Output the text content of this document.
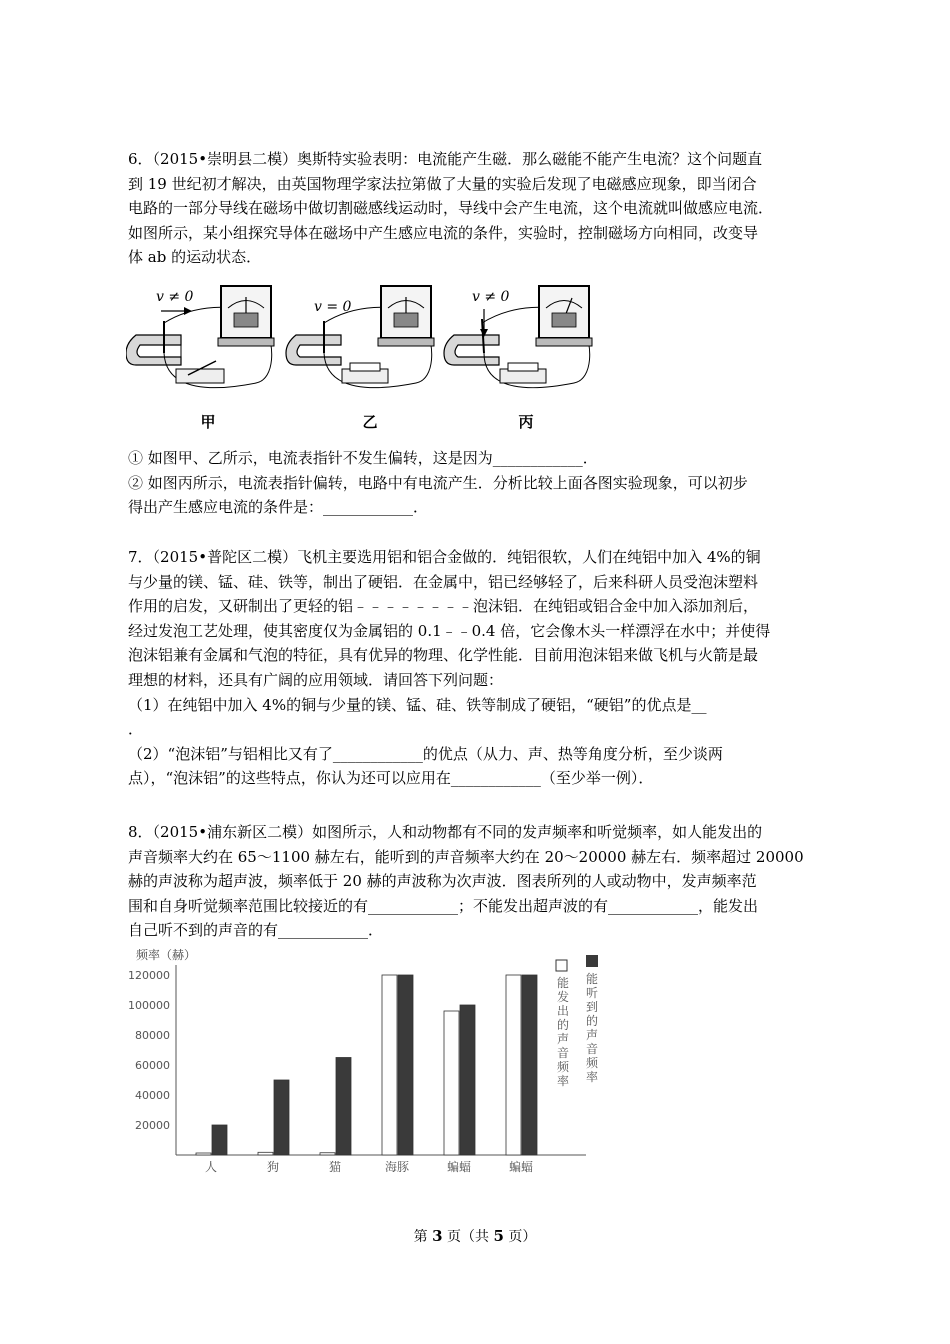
6．（2015•崇明县二模）奥斯特实验表明：电流能产生磁．那么磁能不能产生电流？这个问题直
到 19 世纪初才解决，由英国物理学家法拉第做了大量的实验后发现了电磁感应现象，即当闭合
电路的一部分导线在磁场中做切割磁感线运动时，导线中会产生电流，这个电流就叫做感应电流．
如图所示，某小组探究导体在磁场中产生感应电流的条件，实验时，控制磁场方向相同，改变导
体 ab 的运动状态．
v ≠ 0
v = 0
v ≠ 0
甲	乙	丙
① 如图甲、乙所示，电流表指针不发生偏转，这是因为____________．
② 如图丙所示，电流表指针偏转，电路中有电流产生．分析比较上面各图实验现象，可以初步
得出产生感应电流的条件是：____________．
7．（2015•普陀区二模）飞机主要选用铝和铝合金做的．纯铝很软，人们在纯铝中加入 4%的铜
与少量的镁、锰、硅、铁等，制出了硬铝．在金属中，铝已经够轻了，后来科研人员受泡沫塑料
作用的启发，又研制出了更轻的铝﹣﹣﹣﹣﹣﹣﹣﹣泡沫铝．在纯铝或铝合金中加入添加剂后，
经过发泡工艺处理，使其密度仅为金属铝的 0.1﹣﹣0.4 倍，它会像木头一样漂浮在水中；并使得
泡沫铝兼有金属和气泡的特征，具有优异的物理、化学性能．目前用泡沫铝来做飞机与火箭是最
理想的材料，还具有广阔的应用领域．请回答下列问题：
（1）在纯铝中加入 4%的铜与少量的镁、锰、硅、铁等制成了硬铝，“硬铝”的优点是__
．
（2）“泡沫铝”与铝相比又有了____________的优点（从力、声、热等角度分析，至少谈两
点），“泡沫铝”的这些特点，你认为还可以应用在____________（至少举一例）．
8．（2015•浦东新区二模）如图所示，人和动物都有不同的发声频率和听觉频率，如人能发出的
声音频率大约在 65～1100 赫左右，能听到的声音频率大约在 20～20000 赫左右．频率超过 20000
赫的声波称为超声波，频率低于 20 赫的声波称为次声波．图表所列的人或动物中，发声频率范
围和自身听觉频率范围比较接近的有____________；不能发出超声波的有____________，能发出
自己听不到的声音的有____________．
频率（赫）
20000
40000
60000
80000
100000
120000
人	狗	猫	海豚	蝙蝠	蝙蝠
能发出的声音频率
能听到的声音频率
第 3 页（共 5 页）
